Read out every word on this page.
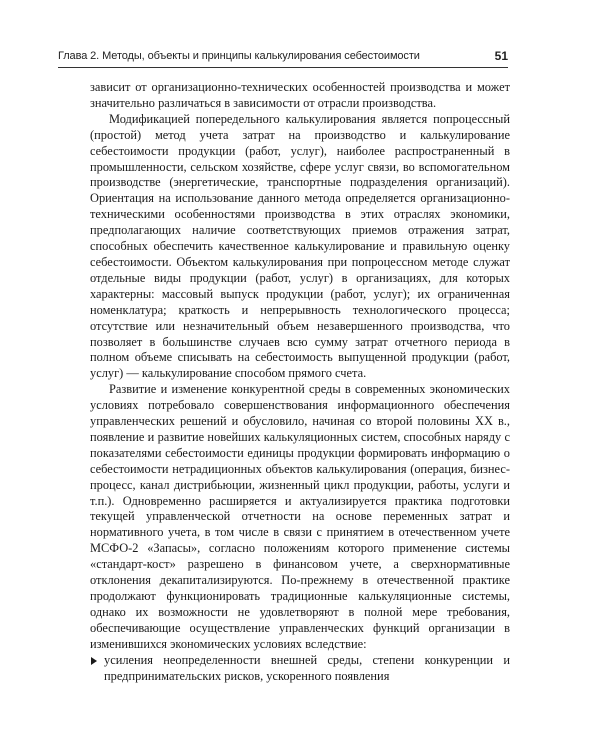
Глава 2. Методы, объекты и принципы калькулирования себестоимости	51

зависит от организационно-технических особенностей производства и может значительно различаться в зависимости от отрасли производства.

Модификацией попередельного калькулирования является попроцессный (простой) метод учета затрат на производство и калькулирование себестоимости продукции (работ, услуг), наиболее распространенный в промышленности, сельском хозяйстве, сфере услуг связи, во вспомогательном производстве (энергетические, транспортные подразделения организаций). Ориентация на использование данного метода определяется организационно-техническими особенностями производства в этих отраслях экономики, предполагающих наличие соответствующих приемов отражения затрат, способных обеспечить качественное калькулирование и правильную оценку себестоимости. Объектом калькулирования при попроцессном методе служат отдельные виды продукции (работ, услуг) в организациях, для которых характерны: массовый выпуск продукции (работ, услуг); их ограниченная номенклатура; краткость и непрерывность технологического процесса; отсутствие или незначительный объем незавершенного производства, что позволяет в большинстве случаев всю сумму затрат отчетного периода в полном объеме списывать на себестоимость выпущенной продукции (работ, услуг) — калькулирование способом прямого счета.

Развитие и изменение конкурентной среды в современных экономических условиях потребовало совершенствования информационного обеспечения управленческих решений и обусловило, начиная со второй половины XX в., появление и развитие новейших калькуляционных систем, способных наряду с показателями себестоимости единицы продукции формировать информацию о себестоимости нетрадиционных объектов калькулирования (операция, бизнес-процесс, канал дистрибьюции, жизненный цикл продукции, работы, услуги и т.п.). Одновременно расширяется и актуализируется практика подготовки текущей управленческой отчетности на основе переменных затрат и нормативного учета, в том числе в связи с принятием в отечественном учете МСФО-2 «Запасы», согласно положениям которого применение системы «стандарт-кост» разрешено в финансовом учете, а сверхнормативные отклонения декапитализируются. По-прежнему в отечественной практике продолжают функционировать традиционные калькуляционные системы, однако их возможности не удовлетворяют в полной мере требования, обеспечивающие осуществление управленческих функций организации в изменившихся экономических условиях вследствие:

усиления неопределенности внешней среды, степени конкуренции и предпринимательских рисков, ускоренного появления
